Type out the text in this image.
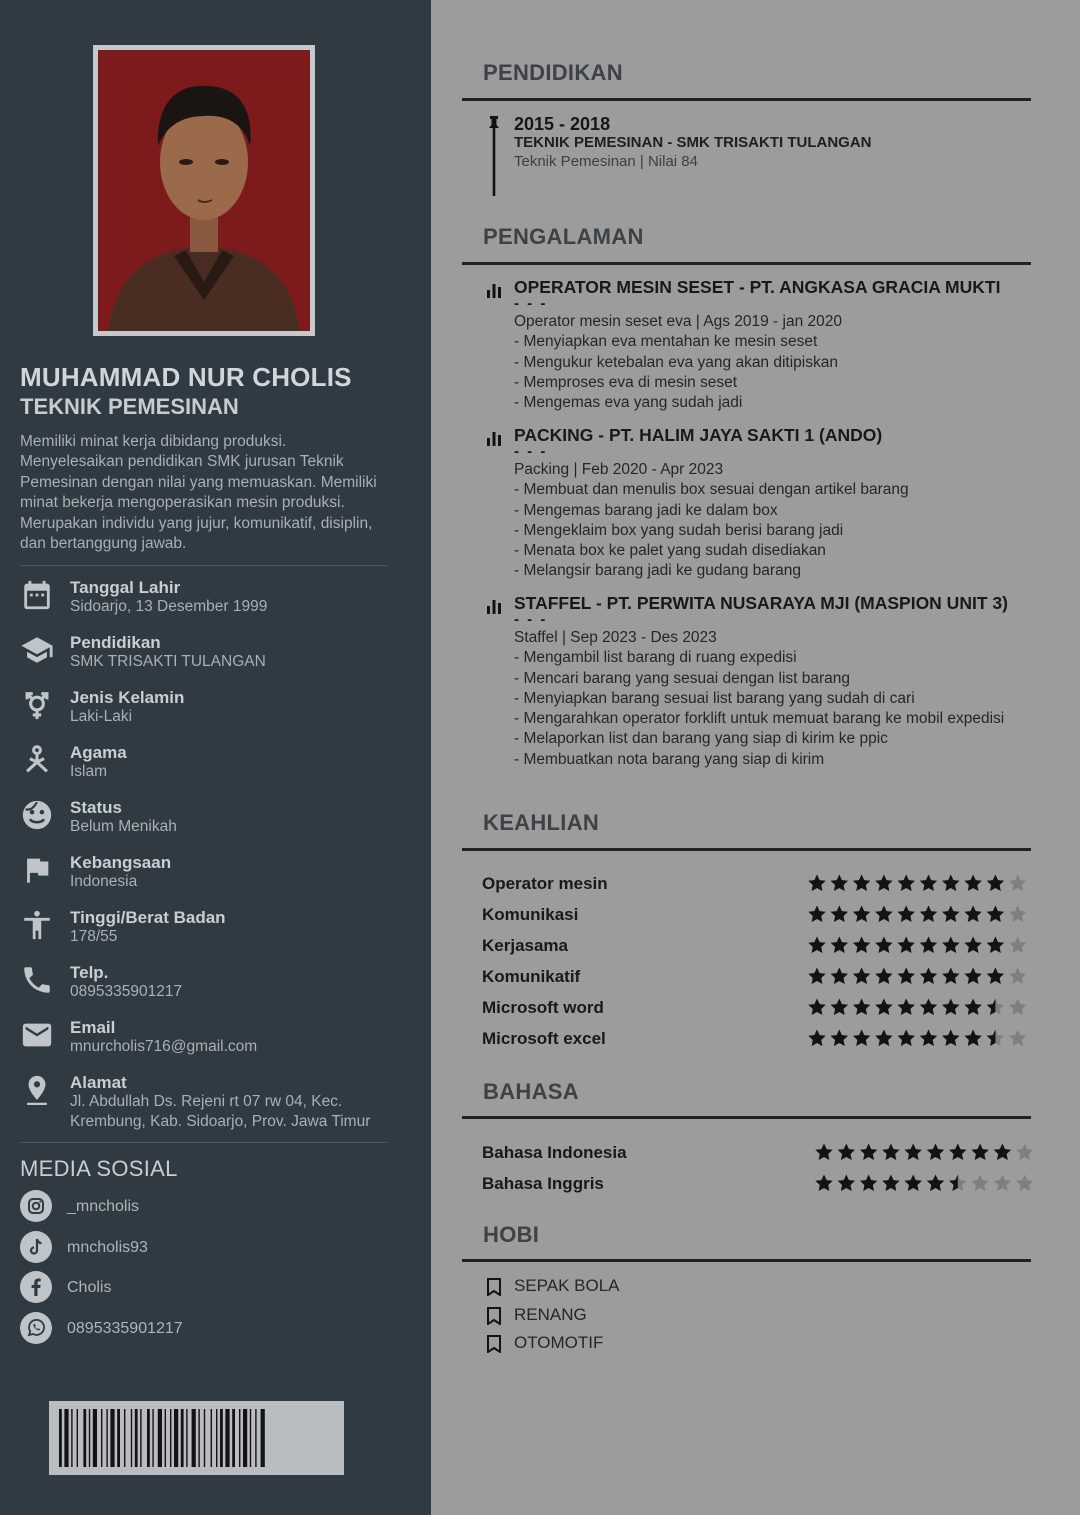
MUHAMMAD NUR CHOLIS
TEKNIK PEMESINAN
Memiliki minat kerja dibidang produksi. Menyelesaikan pendidikan SMK jurusan Teknik Pemesinan dengan nilai yang memuaskan. Memiliki minat bekerja mengoperasikan mesin produksi. Merupakan individu yang jujur, komunikatif, disiplin, dan bertanggung jawab.
Tanggal Lahir
Sidoarjo, 13 Desember 1999
Pendidikan
SMK TRISAKTI TULANGAN
Jenis Kelamin
Laki-Laki
Agama
Islam
Status
Belum Menikah
Kebangsaan
Indonesia
Tinggi/Berat Badan
178/55
Telp.
0895335901217
Email
mnurcholis716@gmail.com
Alamat
Jl. Abdullah Ds. Rejeni rt 07 rw 04, Kec. Krembung, Kab. Sidoarjo, Prov. Jawa Timur
MEDIA SOSIAL
_mncholis
mncholis93
Cholis
0895335901217
PENDIDIKAN
2015 - 2018
TEKNIK PEMESINAN - SMK TRISAKTI TULANGAN
Teknik Pemesinan | Nilai 84
PENGALAMAN
OPERATOR MESIN SESET - PT. ANGKASA GRACIA MUKTI
- - -
Operator mesin seset eva | Ags 2019 - jan 2020
- Menyiapkan eva mentahan ke mesin seset
- Mengukur ketebalan eva yang akan ditipiskan
- Memproses eva di mesin seset
- Mengemas eva yang sudah jadi
PACKING - PT. HALIM JAYA SAKTI 1 (ANDO)
- - -
Packing | Feb 2020 - Apr 2023
- Membuat dan menulis box sesuai dengan artikel barang
- Mengemas barang jadi ke dalam box
- Mengeklaim box yang sudah berisi barang jadi
- Menata box ke palet yang sudah disediakan
- Melangsir barang jadi ke gudang barang
STAFFEL - PT. PERWITA NUSARAYA MJI (MASPION UNIT 3)
- - -
Staffel | Sep 2023 - Des 2023
- Mengambil list barang di ruang expedisi
- Mencari barang yang sesuai dengan list barang
- Menyiapkan barang sesuai list barang yang sudah di cari
- Mengarahkan operator forklift untuk memuat barang ke mobil expedisi
- Melaporkan list dan barang yang siap di kirim ke ppic
- Membuatkan nota barang yang siap di kirim
KEAHLIAN
Operator mesin
Komunikasi
Kerjasama
Komunikatif
Microsoft word
Microsoft excel
BAHASA
Bahasa Indonesia
Bahasa Inggris
HOBI
SEPAK BOLA
RENANG
OTOMOTIF
